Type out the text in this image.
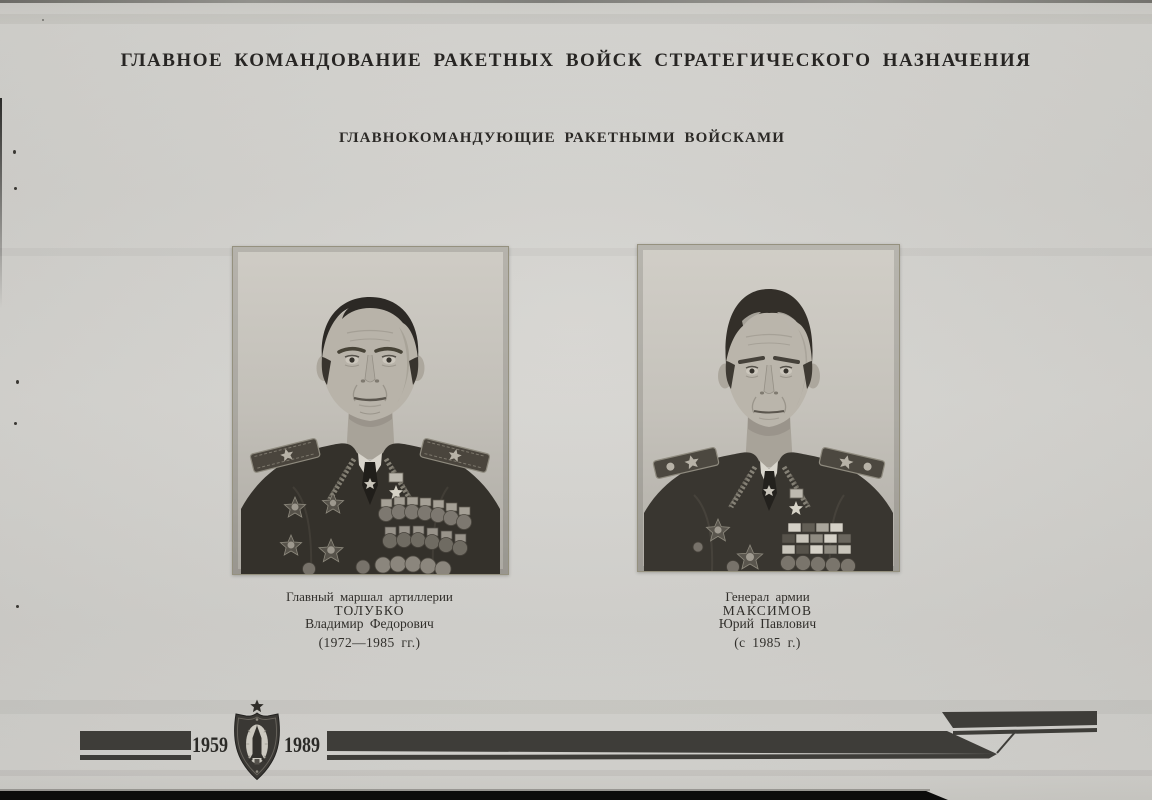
ГЛАВНОЕ КОМАНДОВАНИЕ РАКЕТНЫХ ВОЙСК СТРАТЕГИЧЕСКОГО НАЗНАЧЕНИЯ
ГЛАВНОКОМАНДУЮЩИЕ РАКЕТНЫМИ ВОЙСКАМИ
Главный маршал артиллерии
ТОЛУБКО
Владимир Федорович
(1972—1985 гг.)
Генерал армии
МАКСИМОВ
Юрий Павлович
(с 1985 г.)
1959	1989
